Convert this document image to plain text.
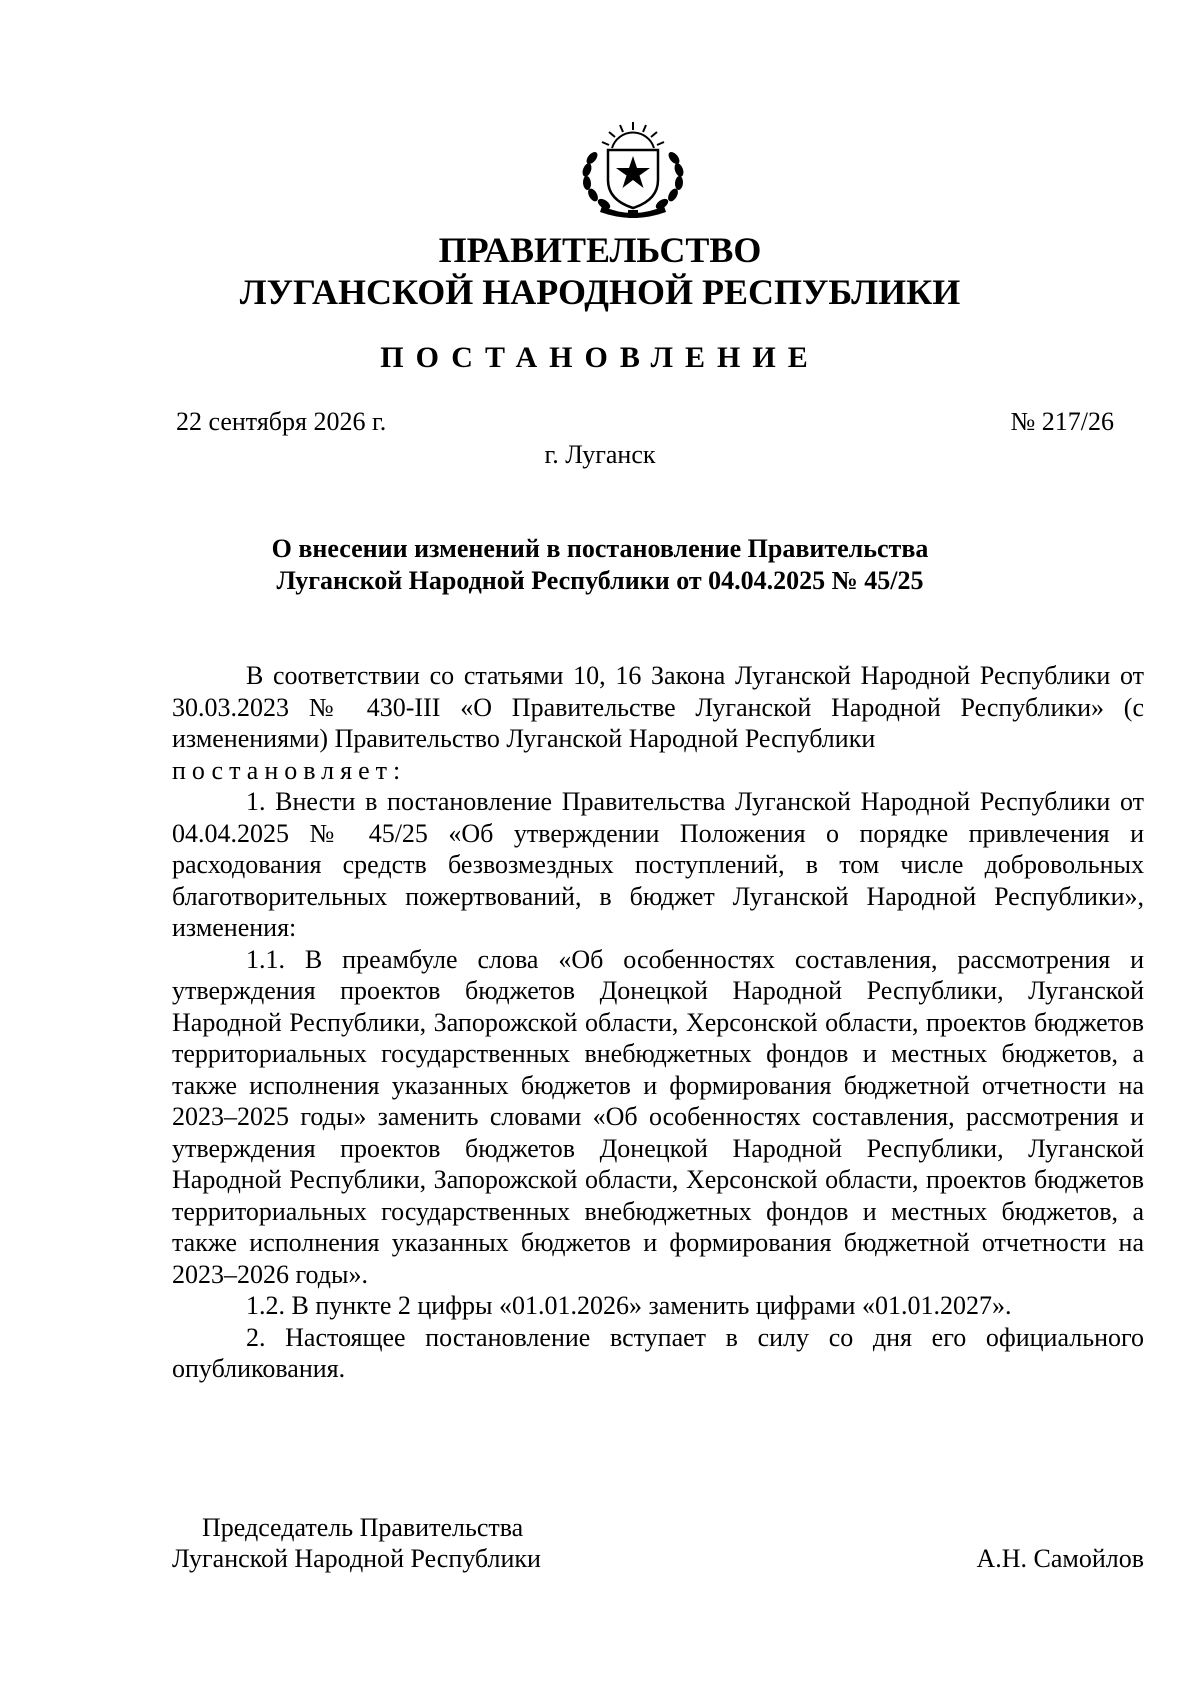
ПРАВИТЕЛЬСТВО
ЛУГАНСКОЙ НАРОДНОЙ РЕСПУБЛИКИ
ПОСТАНОВЛЕНИЕ
22 сентября 2026 г.	№ 217/26
г. Луганск
О внесении изменений в постановление Правительства
Луганской Народной Республики от 04.04.2025 № 45/25

В соответствии со статьями 10, 16 Закона Луганской Народной Республики от 30.03.2023 № 430-III «О Правительстве Луганской Народной Республики» (с изменениями) Правительство Луганской Народной Республики

постановляет:

1. Внести в постановление Правительства Луганской Народной Республики от 04.04.2025 № 45/25 «Об утверждении Положения о порядке привлечения и расходования средств безвозмездных поступлений, в том числе добровольных благотворительных пожертвований, в бюджет Луганской Народной Республики», изменения:

1.1. В преамбуле слова «Об особенностях составления, рассмотрения и утверждения проектов бюджетов Донецкой Народной Республики, Луганской Народной Республики, Запорожской области, Херсонской области, проектов бюджетов территориальных государственных внебюджетных фондов и местных бюджетов, а также исполнения указанных бюджетов и формирования бюджетной отчетности на 2023–2025 годы» заменить словами «Об особенностях составления, рассмотрения и утверждения проектов бюджетов Донецкой Народной Республики, Луганской Народной Республики, Запорожской области, Херсонской области, проектов бюджетов территориальных государственных внебюджетных фондов и местных бюджетов, а также исполнения указанных бюджетов и формирования бюджетной отчетности на 2023–2026 годы».

1.2. В пункте 2 цифры «01.01.2026» заменить цифрами «01.01.2027».

2. Настоящее постановление вступает в силу со дня его официального опубликования.

Председатель Правительства
Луганской Народной Республики	А.Н. Самойлов
